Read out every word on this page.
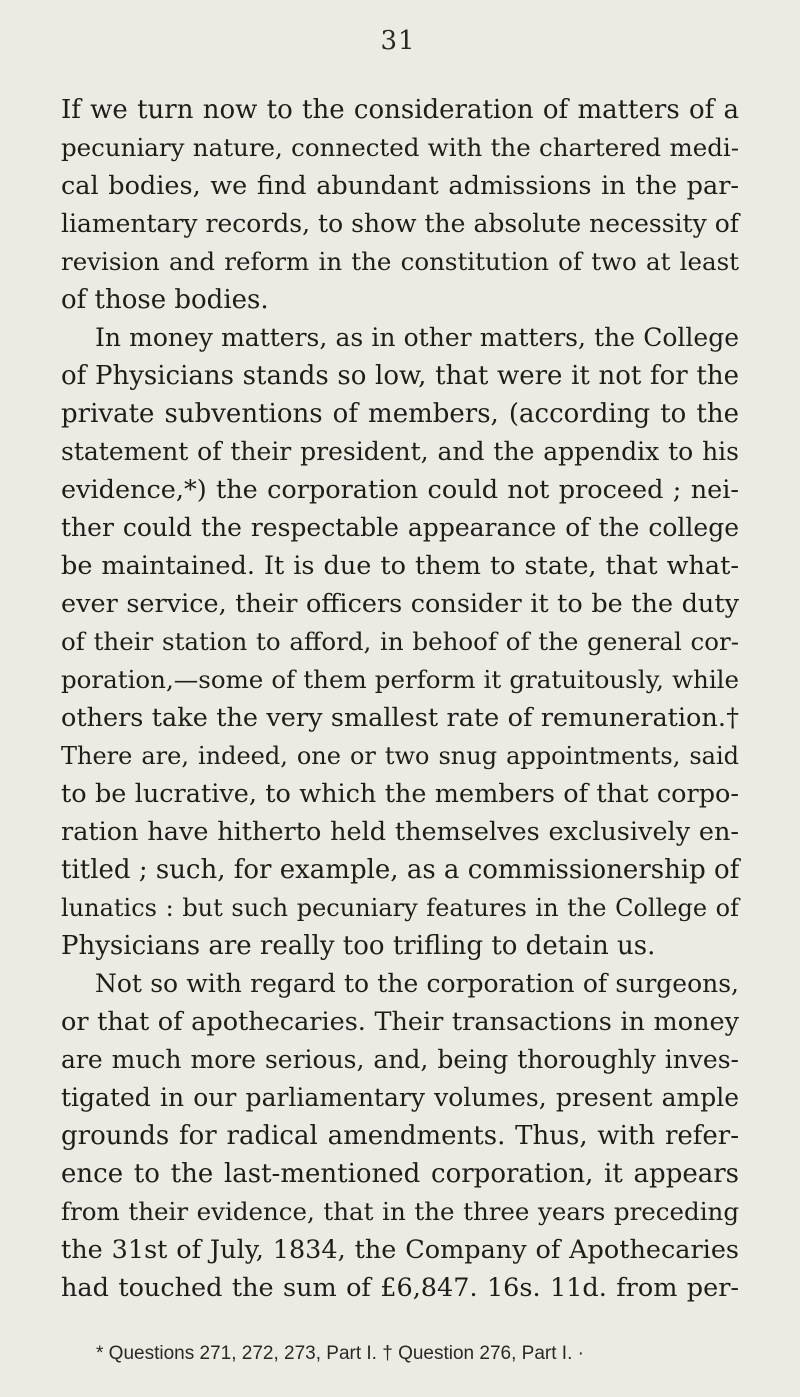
31
If we turn now to the consideration of matters of a
pecuniary nature, connected with the chartered medi-
cal bodies, we find abundant admissions in the par-
liamentary records, to show the absolute necessity of
revision and reform in the constitution of two at least
of those bodies.
In money matters, as in other matters, the College
of Physicians stands so low, that were it not for the
private subventions of members, (according to the
statement of their president, and the appendix to his
evidence,*) the corporation could not proceed ; nei-
ther could the respectable appearance of the college
be maintained. It is due to them to state, that what-
ever service, their officers consider it to be the duty
of their station to afford, in behoof of the general cor-
poration,—some of them perform it gratuitously, while
others take the very smallest rate of remuneration.†
There are, indeed, one or two snug appointments, said
to be lucrative, to which the members of that corpo-
ration have hitherto held themselves exclusively en-
titled ; such, for example, as a commissionership of
lunatics : but such pecuniary features in the College of
Physicians are really too trifling to detain us.
Not so with regard to the corporation of surgeons,
or that of apothecaries. Their transactions in money
are much more serious, and, being thoroughly inves-
tigated in our parliamentary volumes, present ample
grounds for radical amendments. Thus, with refer-
ence to the last-mentioned corporation, it appears
from their evidence, that in the three years preceding
the 31st of July, 1834, the Company of Apothecaries
had touched the sum of £6,847. 16s. 11d. from per-
* Questions 271, 272, 273, Part I. † Question 276, Part I. ·
